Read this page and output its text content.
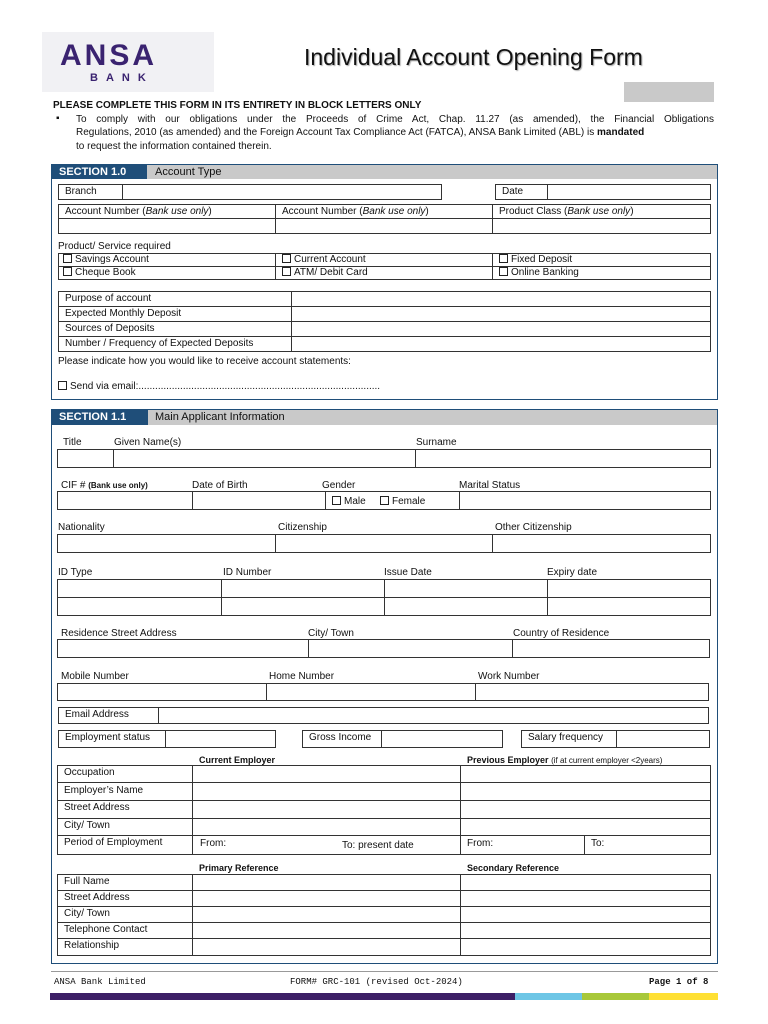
ANSA
BANK
Individual Account Opening Form
PLEASE COMPLETE THIS FORM IN ITS ENTIRETY IN BLOCK LETTERS ONLY
▪ To comply with our obligations under the Proceeds of Crime Act, Chap. 11.27 (as amended), the Financial Obligations
Regulations, 2010 (as amended) and the Foreign Account Tax Compliance Act (FATCA), ANSA Bank Limited (ABL) is mandated
to request the information contained therein.
SECTION 1.0	Account Type
Branch	Date
Account Number (Bank use only)	Account Number (Bank use only)	Product Class (Bank use only)
Product/ Service required
Savings Account	Current Account	Fixed Deposit
Cheque Book	ATM/ Debit Card	Online Banking
Purpose of account
Expected Monthly Deposit
Sources of Deposits
Number / Frequency of Expected Deposits
Please indicate how you would like to receive account statements:
Send via email:.......................................................................................
SECTION 1.1	Main Applicant Information
Title	Given Name(s)	Surname
CIF # (Bank use only)	Date of Birth	Gender	Marital Status
Male	Female
Nationality	Citizenship	Other Citizenship
ID Type	ID Number	Issue Date	Expiry date
Residence Street Address	City/ Town	Country of Residence
Mobile Number	Home Number	Work Number
Email Address
Employment status	Gross Income	Salary frequency
Current Employer	Previous Employer (if at current employer <2years)
Occupation
Employer’s Name
Street Address
City/ Town
Period of Employment	From:	To: present date	From:	To:
Primary Reference	Secondary Reference
Full Name
Street Address
City/ Town
Telephone Contact
Relationship
ANSA Bank Limited	FORM# GRC-101 (revised Oct-2024)	Page 1 of 8
